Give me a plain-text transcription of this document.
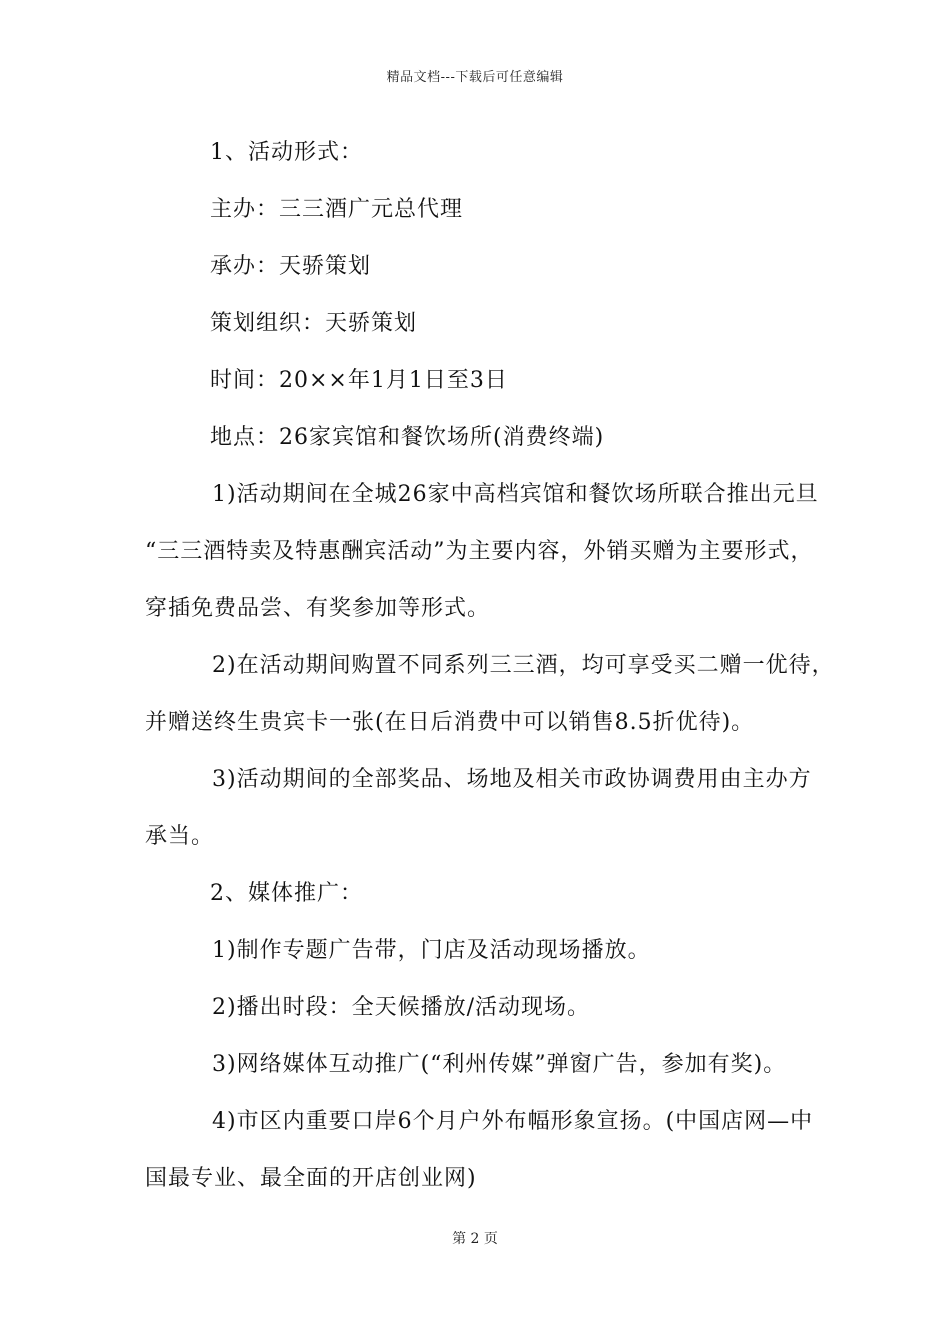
精品文档---下载后可任意编辑
1、活动形式：
主办：三三酒广元总代理
承办：天骄策划
策划组织：天骄策划
时间：20××年1月1日至3日
地点：26家宾馆和餐饮场所(消费终端)
1)活动期间在全城26家中高档宾馆和餐饮场所联合推出元旦
“三三酒特卖及特惠酬宾活动”为主要内容，外销买赠为主要形式，
穿插免费品尝、有奖参加等形式。
2)在活动期间购置不同系列三三酒，均可享受买二赠一优待，
并赠送终生贵宾卡一张(在日后消费中可以销售8.5折优待)。
3)活动期间的全部奖品、场地及相关市政协调费用由主办方
承当。
2、媒体推广：
1)制作专题广告带，门店及活动现场播放。
2)播出时段：全天候播放/活动现场。
3)网络媒体互动推广(“利州传媒”弹窗广告，参加有奖)。
4)市区内重要口岸6个月户外布幅形象宣扬。(中国店网—中
国最专业、最全面的开店创业网)
第 2 页
